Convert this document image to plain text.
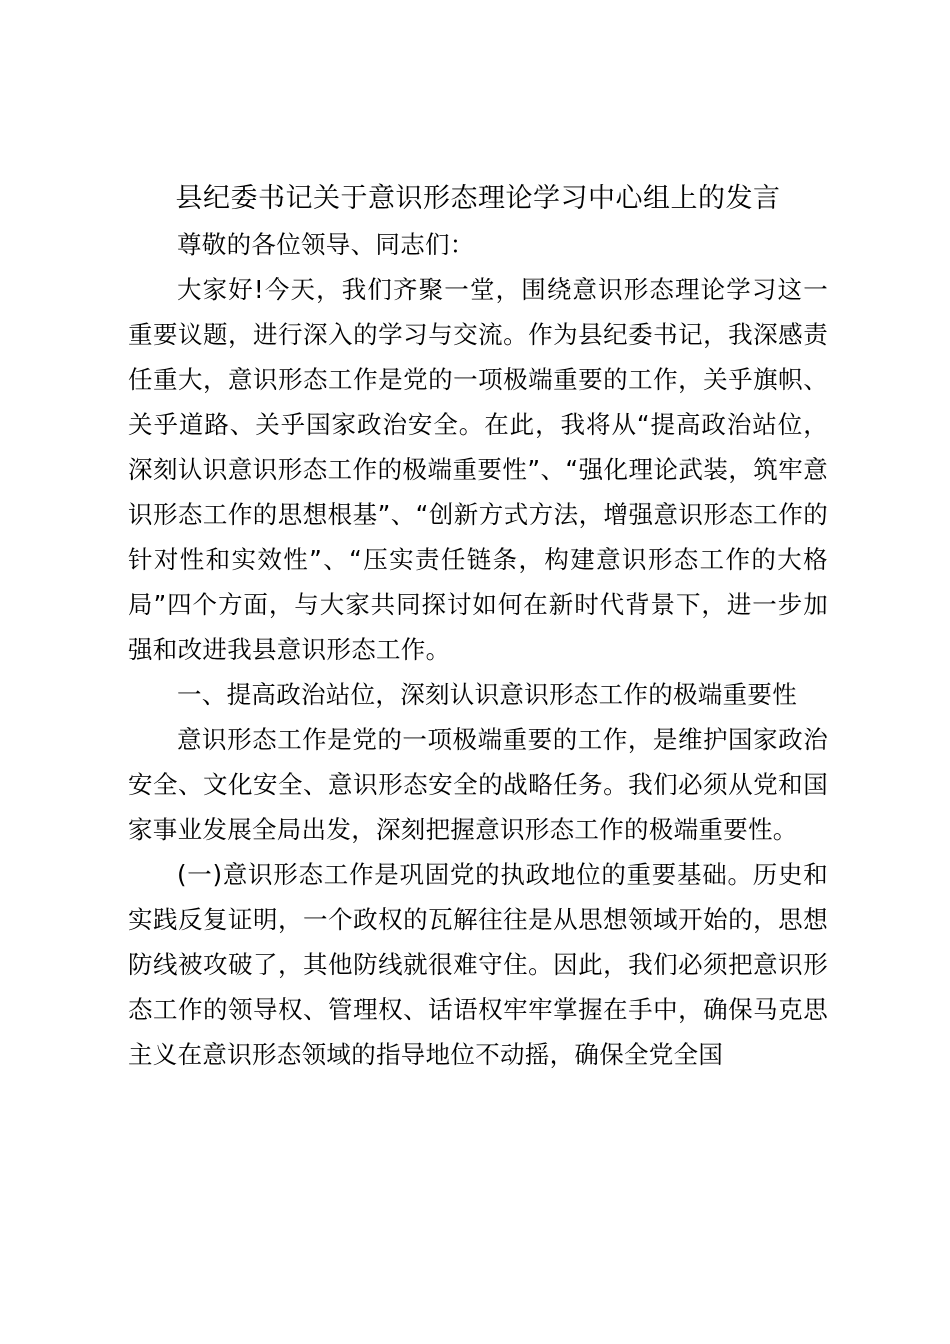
县纪委书记关于意识形态理论学习中心组上的发言

尊敬的各位领导、同志们：

大家好!今天，我们齐聚一堂，围绕意识形态理论学习这一重要议题，进行深入的学习与交流。作为县纪委书记，我深感责任重大，意识形态工作是党的一项极端重要的工作，关乎旗帜、关乎道路、关乎国家政治安全。在此，我将从“提高政治站位，深刻认识意识形态工作的极端重要性”、“强化理论武装，筑牢意识形态工作的思想根基”、“创新方式方法，增强意识形态工作的针对性和实效性”、“压实责任链条，构建意识形态工作的大格局”四个方面，与大家共同探讨如何在新时代背景下，进一步加强和改进我县意识形态工作。

一、提高政治站位，深刻认识意识形态工作的极端重要性

意识形态工作是党的一项极端重要的工作，是维护国家政治安全、文化安全、意识形态安全的战略任务。我们必须从党和国家事业发展全局出发，深刻把握意识形态工作的极端重要性。

(一)意识形态工作是巩固党的执政地位的重要基础。历史和实践反复证明，一个政权的瓦解往往是从思想领域开始的，思想防线被攻破了，其他防线就很难守住。因此，我们必须把意识形态工作的领导权、管理权、话语权牢牢掌握在手中，确保马克思主义在意识形态领域的指导地位不动摇，确保全党全国
